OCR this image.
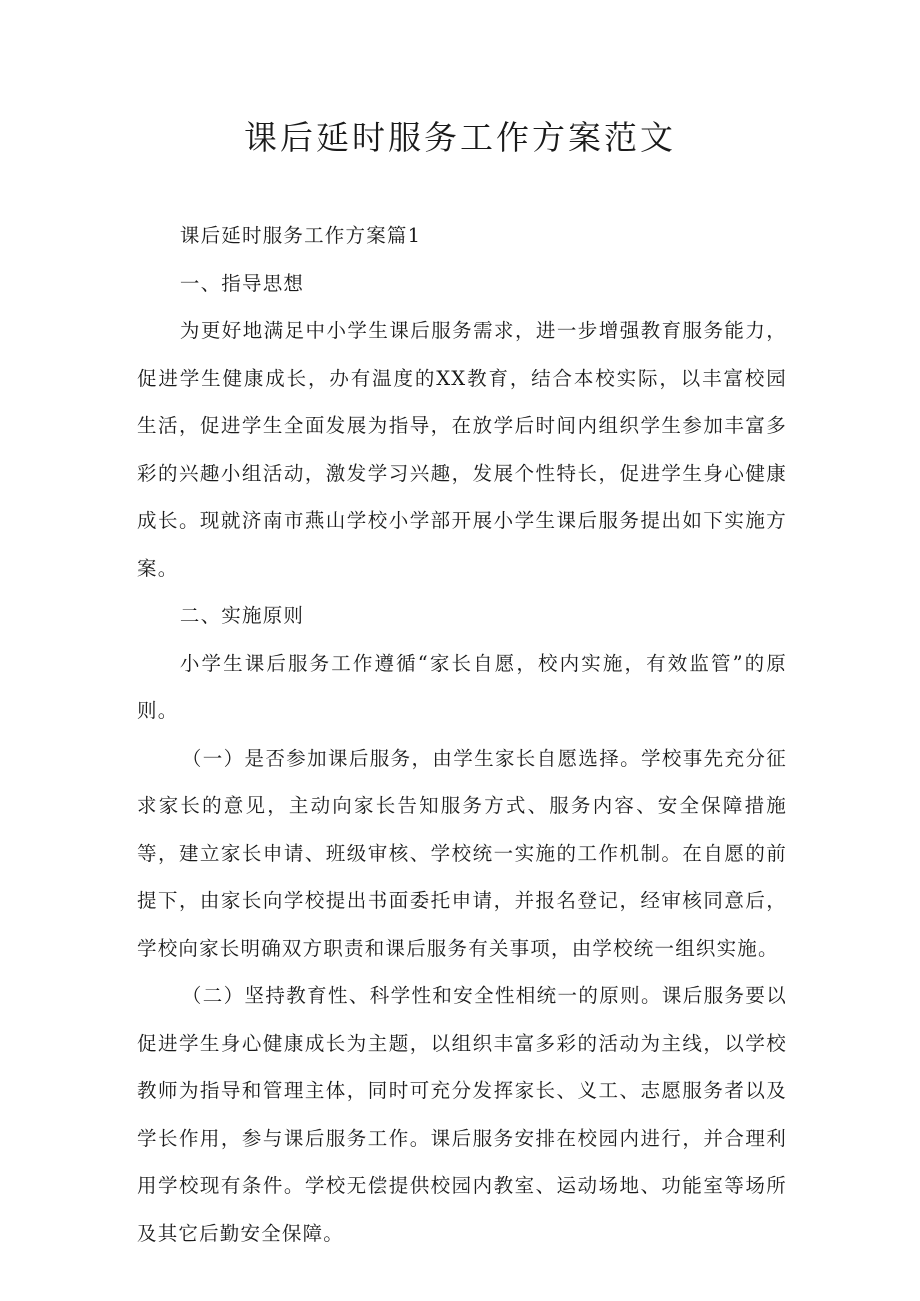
课后延时服务工作方案范文

课后延时服务工作方案篇1

一、指导思想

为更好地满足中小学生课后服务需求，进一步增强教育服务能力，促进学生健康成长，办有温度的XX教育，结合本校实际，以丰富校园生活，促进学生全面发展为指导，在放学后时间内组织学生参加丰富多彩的兴趣小组活动，激发学习兴趣，发展个性特长，促进学生身心健康成长。现就济南市燕山学校小学部开展小学生课后服务提出如下实施方案。

二、实施原则

小学生课后服务工作遵循“家长自愿，校内实施，有效监管”的原则。

（一）是否参加课后服务，由学生家长自愿选择。学校事先充分征求家长的意见，主动向家长告知服务方式、服务内容、安全保障措施等，建立家长申请、班级审核、学校统一实施的工作机制。在自愿的前提下，由家长向学校提出书面委托申请，并报名登记，经审核同意后，学校向家长明确双方职责和课后服务有关事项，由学校统一组织实施。

（二）坚持教育性、科学性和安全性相统一的原则。课后服务要以促进学生身心健康成长为主题，以组织丰富多彩的活动为主线，以学校教师为指导和管理主体，同时可充分发挥家长、义工、志愿服务者以及学长作用，参与课后服务工作。课后服务安排在校园内进行，并合理利用学校现有条件。学校无偿提供校园内教室、运动场地、功能室等场所及其它后勤安全保障。
